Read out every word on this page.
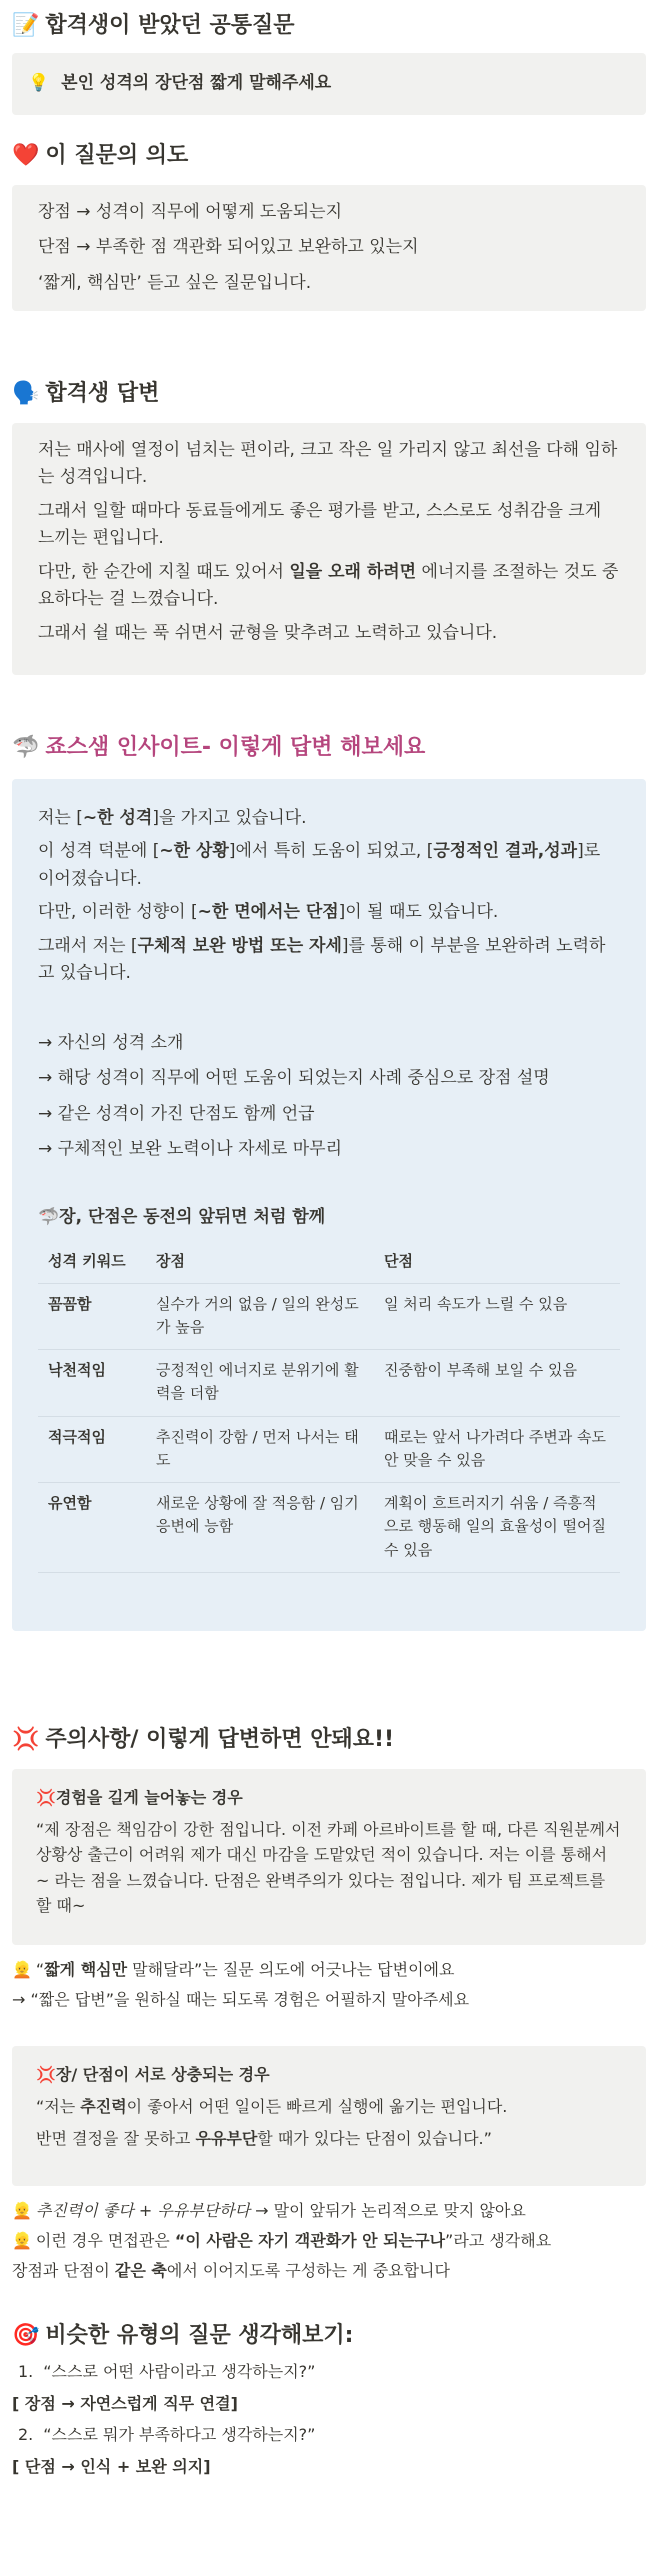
📝 합격생이 받았던 공통질문
💡 본인 성격의 장단점 짧게 말해주세요
❤️ 이 질문의 의도

장점 → 성격이 직무에 어떻게 도움되는지

단점 → 부족한 점 객관화 되어있고 보완하고 있는지

‘짧게, 핵심만’ 듣고 싶은 질문입니다.

🗣️ 합격생 답변

저는 매사에 열정이 넘치는 편이라, 크고 작은 일 가리지 않고 최선을 다해 임하는 성격입니다.

그래서 일할 때마다 동료들에게도 좋은 평가를 받고, 스스로도 성취감을 크게 느끼는 편입니다.

다만, 한 순간에 지칠 때도 있어서 일을 오래 하려면 에너지를 조절하는 것도 중요하다는 걸 느꼈습니다.

그래서 쉴 때는 푹 쉬면서 균형을 맞추려고 노력하고 있습니다.

🦈 죠스샘 인사이트- 이렇게 답변 해보세요

저는 [~한 성격]을 가지고 있습니다.

이 성격 덕분에 [~한 상황]에서 특히 도움이 되었고, [긍정적인 결과,성과]로 이어졌습니다.

다만, 이러한 성향이 [~한 면에서는 단점]이 될 때도 있습니다.

그래서 저는 [구체적 보완 방법 또는 자세]를 통해 이 부분을 보완하려 노력하고 있습니다.

→ 자신의 성격 소개

→ 해당 성격이 직무에 어떤 도움이 되었는지 사례 중심으로 장점 설명

→ 같은 성격이 가진 단점도 함께 언급

→ 구체적인 보완 노력이나 자세로 마무리

🦈장, 단점은 동전의 앞뒤면 처럼 함께

성격 키워드	장점	단점
꼼꼼함	실수가 거의 없음 / 일의 완성도가 높음	일 처리 속도가 느릴 수 있음
낙천적임	긍정적인 에너지로 분위기에 활력을 더함	진중함이 부족해 보일 수 있음
적극적임	추진력이 강함 / 먼저 나서는 태도	때로는 앞서 나가려다 주변과 속도 안 맞을 수 있음
유연함	새로운 상황에 잘 적응함 / 임기응변에 능함	계획이 흐트러지기 쉬움 / 즉흥적으로 행동해 일의 효율성이 떨어질 수 있음
💢 주의사항/ 이렇게 답변하면 안돼요!!

💢경험을 길게 늘어놓는 경우

“제 장점은 책임감이 강한 점입니다. 이전 카페 아르바이트를 할 때, 다른 직원분께서 상황상 출근이 어려워 제가 대신 마감을 도맡았던 적이 있습니다. 저는 이를 통해서 ~ 라는 점을 느꼈습니다. 단점은 완벽주의가 있다는 점입니다. 제가 팀 프로젝트를 할 때~

👱 “짧게 핵심만 말해달라”는 질문 의도에 어긋나는 답변이에요

→ “짧은 답변”을 원하실 때는 되도록 경험은 어필하지 말아주세요

💢장/ 단점이 서로 상충되는 경우

“저는 추진력이 좋아서 어떤 일이든 빠르게 실행에 옮기는 편입니다.

반면 결정을 잘 못하고 우유부단할 때가 있다는 단점이 있습니다.”

👱 추진력이 좋다 + 우유부단하다 → 말이 앞뒤가 논리적으로 맞지 않아요

👱 이런 경우 면접관은 “이 사람은 자기 객관화가 안 되는구나”라고 생각해요

장점과 단점이 같은 축에서 이어지도록 구성하는 게 중요합니다

🎯 비슷한 유형의 질문 생각해보기:
1. “스스로 어떤 사람이라고 생각하는지?”

[ 장점 → 자연스럽게 직무 연결]

2. “스스로 뭐가 부족하다고 생각하는지?”

[ 단점 → 인식 + 보완 의지]
